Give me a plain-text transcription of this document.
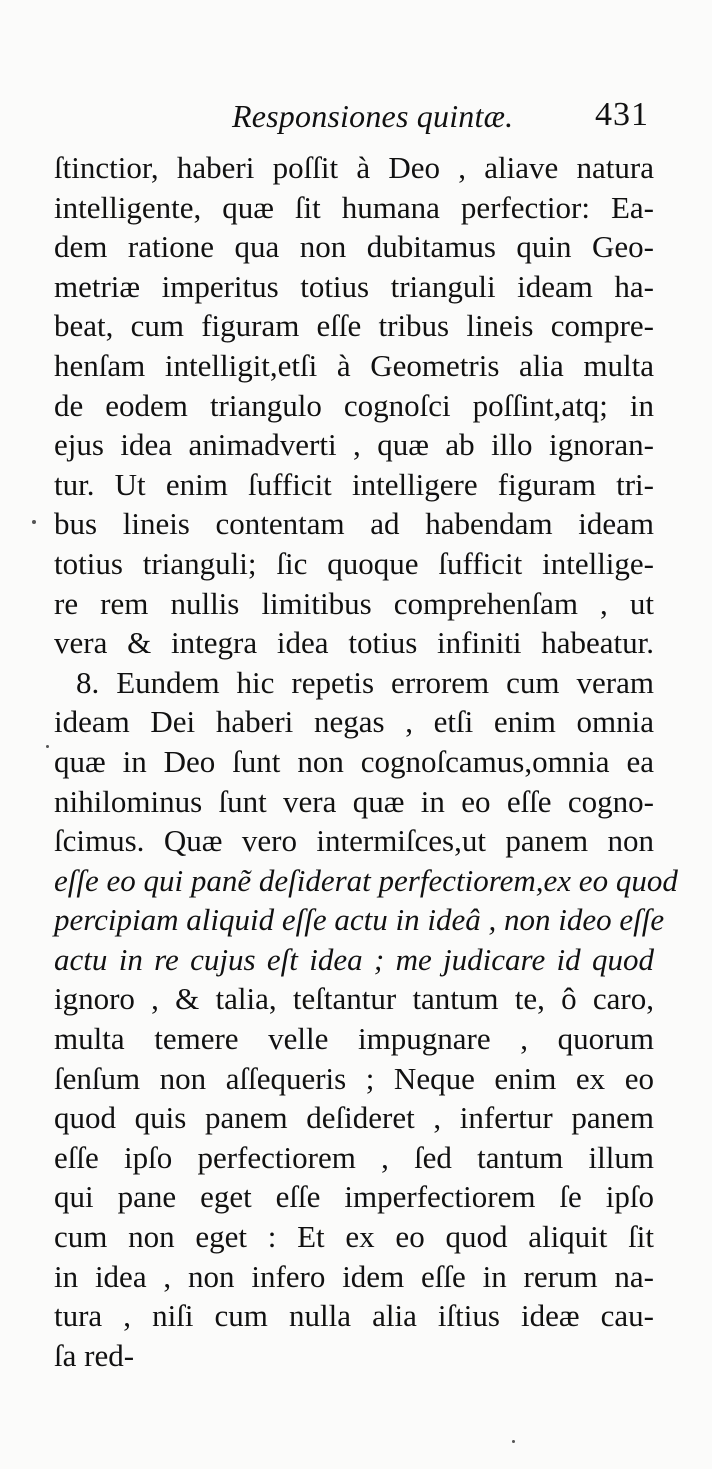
Responsiones quintæ. 431
ſtinctior, haberi poſſit à Deo , aliave natura
intelligente, quæ ſit humana perfectior: Ea-
dem ratione qua non dubitamus quin Geo-
metriæ imperitus totius trianguli ideam ha-
beat, cum figuram eſſe tribus lineis compre-
henſam intelligit,etſi à Geometris alia multa
de eodem triangulo cognoſci poſſint,atq; in
ejus idea animadverti , quæ ab illo ignoran-
tur. Ut enim ſufficit intelligere figuram tri-
bus lineis contentam ad habendam ideam
totius trianguli; ſic quoque ſufficit intellige-
re rem nullis limitibus comprehenſam , ut
vera & integra idea totius infiniti habeatur.
8. Eundem hic repetis errorem cum veram
ideam Dei haberi negas , etſi enim omnia
quæ in Deo ſunt non cognoſcamus,omnia ea
nihilominus ſunt vera quæ in eo eſſe cogno-
ſcimus. Quæ vero intermiſces,ut panem non
eſſe eo qui panẽ deſiderat perfectiorem,ex eo quod
percipiam aliquid eſſe actu in ideâ , non ideo eſſe
actu in re cujus eſt idea ; me judicare id quod
ignoro , & talia, teſtantur tantum te, ô caro,
multa temere velle impugnare , quorum
ſenſum non aſſequeris ; Neque enim ex eo
quod quis panem deſideret , infertur panem
eſſe ipſo perfectiorem , ſed tantum illum
qui pane eget eſſe imperfectiorem ſe ipſo
cum non eget : Et ex eo quod aliquit ſit
in idea , non infero idem eſſe in rerum na-
tura , niſi cum nulla alia iſtius ideæ cau-
ſa red-
